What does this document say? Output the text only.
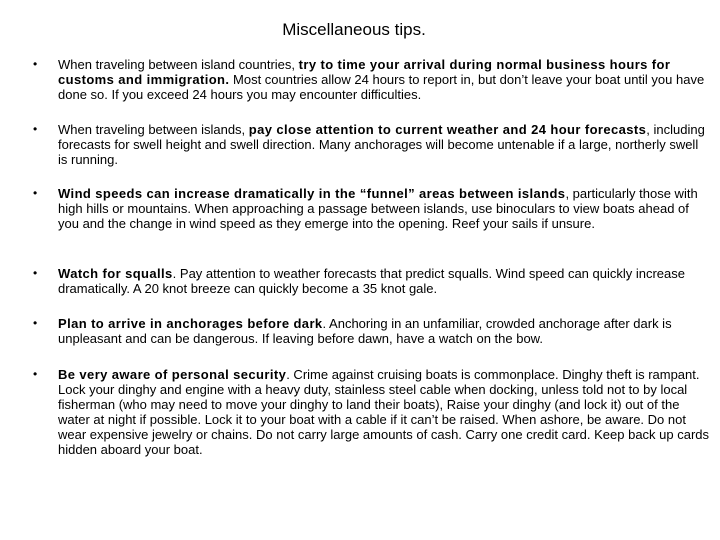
Miscellaneous tips.
• When traveling between island countries, try to time your arrival during normal business hours for customs and immigration. Most countries allow 24 hours to report in, but don’t leave your boat until you have done so. If you exceed 24 hours you may encounter difficulties.
• When traveling between islands, pay close attention to current weather and 24 hour forecasts, including forecasts for swell height and swell direction. Many anchorages will become untenable if a large, northerly swell is running.
• Wind speeds can increase dramatically in the “funnel” areas between islands, particularly those with high hills or mountains. When approaching a passage between islands, use binoculars to view boats ahead of you and the change in wind speed as they emerge into the opening. Reef your sails if unsure.
• Watch for squalls. Pay attention to weather forecasts that predict squalls. Wind speed can quickly increase dramatically. A 20 knot breeze can quickly become a 35 knot gale.
• Plan to arrive in anchorages before dark. Anchoring in an unfamiliar, crowded anchorage after dark is unpleasant and can be dangerous. If leaving before dawn, have a watch on the bow.
• Be very aware of personal security. Crime against cruising boats is commonplace. Dinghy theft is rampant. Lock your dinghy and engine with a heavy duty, stainless steel cable when docking, unless told not to by local fisherman (who may need to move your dinghy to land their boats), Raise your dinghy (and lock it) out of the water at night if possible. Lock it to your boat with a cable if it can’t be raised. When ashore, be aware. Do not wear expensive jewelry or chains. Do not carry large amounts of cash. Carry one credit card. Keep back up cards hidden aboard your boat.
